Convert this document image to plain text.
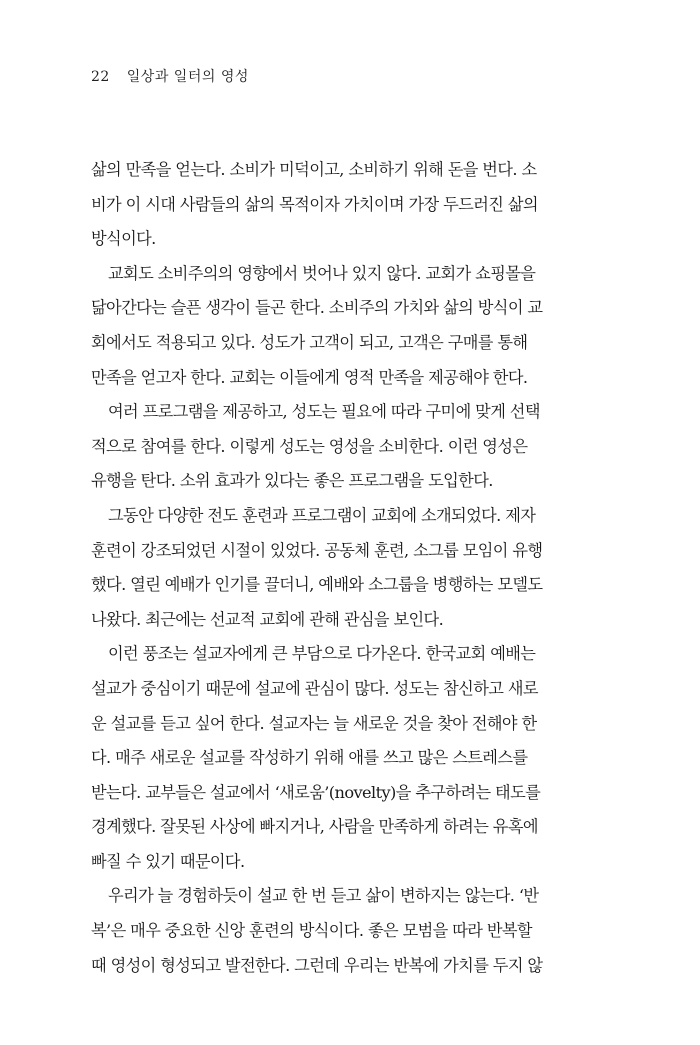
22 일상과 일터의 영성
삶의 만족을 얻는다. 소비가 미덕이고, 소비하기 위해 돈을 번다. 소
비가 이 시대 사람들의 삶의 목적이자 가치이며 가장 두드러진 삶의
방식이다.
교회도 소비주의의 영향에서 벗어나 있지 않다. 교회가 쇼핑몰을
닮아간다는 슬픈 생각이 들곤 한다. 소비주의 가치와 삶의 방식이 교
회에서도 적용되고 있다. 성도가 고객이 되고, 고객은 구매를 통해
만족을 얻고자 한다. 교회는 이들에게 영적 만족을 제공해야 한다.
여러 프로그램을 제공하고, 성도는 필요에 따라 구미에 맞게 선택
적으로 참여를 한다. 이렇게 성도는 영성을 소비한다. 이런 영성은
유행을 탄다. 소위 효과가 있다는 좋은 프로그램을 도입한다.
그동안 다양한 전도 훈련과 프로그램이 교회에 소개되었다. 제자
훈련이 강조되었던 시절이 있었다. 공동체 훈련, 소그룹 모임이 유행
했다. 열린 예배가 인기를 끌더니, 예배와 소그룹을 병행하는 모델도
나왔다. 최근에는 선교적 교회에 관해 관심을 보인다.
이런 풍조는 설교자에게 큰 부담으로 다가온다. 한국교회 예배는
설교가 중심이기 때문에 설교에 관심이 많다. 성도는 참신하고 새로
운 설교를 듣고 싶어 한다. 설교자는 늘 새로운 것을 찾아 전해야 한
다. 매주 새로운 설교를 작성하기 위해 애를 쓰고 많은 스트레스를
받는다. 교부들은 설교에서 ‘새로움’(novelty)을 추구하려는 태도를
경계했다. 잘못된 사상에 빠지거나, 사람을 만족하게 하려는 유혹에
빠질 수 있기 때문이다.
우리가 늘 경험하듯이 설교 한 번 듣고 삶이 변하지는 않는다. ‘반
복’은 매우 중요한 신앙 훈련의 방식이다. 좋은 모범을 따라 반복할
때 영성이 형성되고 발전한다. 그런데 우리는 반복에 가치를 두지 않
